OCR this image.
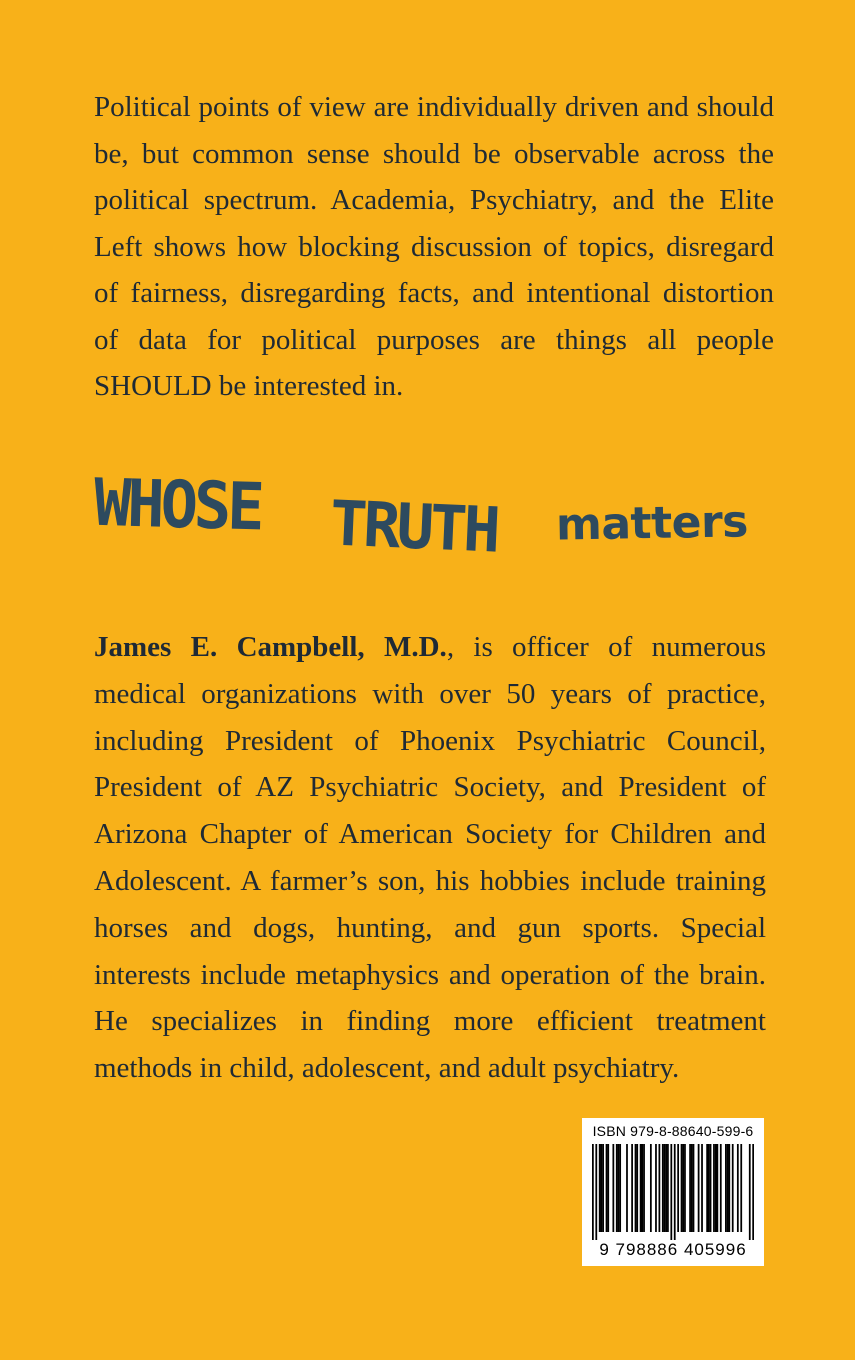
Political points of view are individually driven and should be, but common sense should be observable across the political spectrum. Academia, Psychiatry, and the Elite Left shows how blocking discussion of topics, disregard of fairness, disregarding facts, and intentional distortion of data for political purposes are things all people SHOULD be interested in.

WHOSE TRUTH matters

James E. Campbell, M.D., is officer of numerous medical organizations with over 50 years of practice, including President of Phoenix Psychiatric Council, President of AZ Psychiatric Society, and President of Arizona Chapter of American Society for Children and Adolescent. A farmer’s son, his hobbies include training horses and dogs, hunting, and gun sports. Special interests include metaphysics and operation of the brain. He specializes in finding more efficient treatment methods in child, adolescent, and adult psychiatry.

ISBN 979-8-88640-599-6
9 798886 405996
